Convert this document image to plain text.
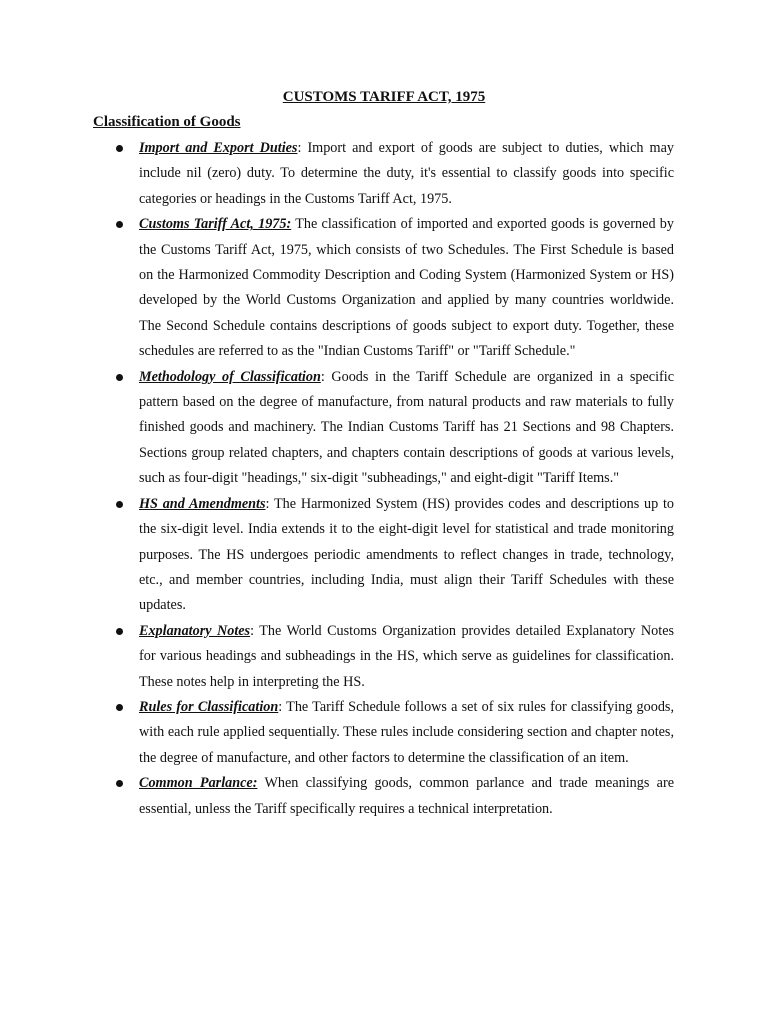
CUSTOMS TARIFF ACT, 1975
Classification of Goods
Import and Export Duties: Import and export of goods are subject to duties, which may include nil (zero) duty. To determine the duty, it's essential to classify goods into specific categories or headings in the Customs Tariff Act, 1975.
Customs Tariff Act, 1975: The classification of imported and exported goods is governed by the Customs Tariff Act, 1975, which consists of two Schedules. The First Schedule is based on the Harmonized Commodity Description and Coding System (Harmonized System or HS) developed by the World Customs Organization and applied by many countries worldwide. The Second Schedule contains descriptions of goods subject to export duty. Together, these schedules are referred to as the "Indian Customs Tariff" or "Tariff Schedule."
Methodology of Classification: Goods in the Tariff Schedule are organized in a specific pattern based on the degree of manufacture, from natural products and raw materials to fully finished goods and machinery. The Indian Customs Tariff has 21 Sections and 98 Chapters. Sections group related chapters, and chapters contain descriptions of goods at various levels, such as four-digit "headings," six-digit "subheadings," and eight-digit "Tariff Items."
HS and Amendments: The Harmonized System (HS) provides codes and descriptions up to the six-digit level. India extends it to the eight-digit level for statistical and trade monitoring purposes. The HS undergoes periodic amendments to reflect changes in trade, technology, etc., and member countries, including India, must align their Tariff Schedules with these updates.
Explanatory Notes: The World Customs Organization provides detailed Explanatory Notes for various headings and subheadings in the HS, which serve as guidelines for classification. These notes help in interpreting the HS.
Rules for Classification: The Tariff Schedule follows a set of six rules for classifying goods, with each rule applied sequentially. These rules include considering section and chapter notes, the degree of manufacture, and other factors to determine the classification of an item.
Common Parlance: When classifying goods, common parlance and trade meanings are essential, unless the Tariff specifically requires a technical interpretation.
